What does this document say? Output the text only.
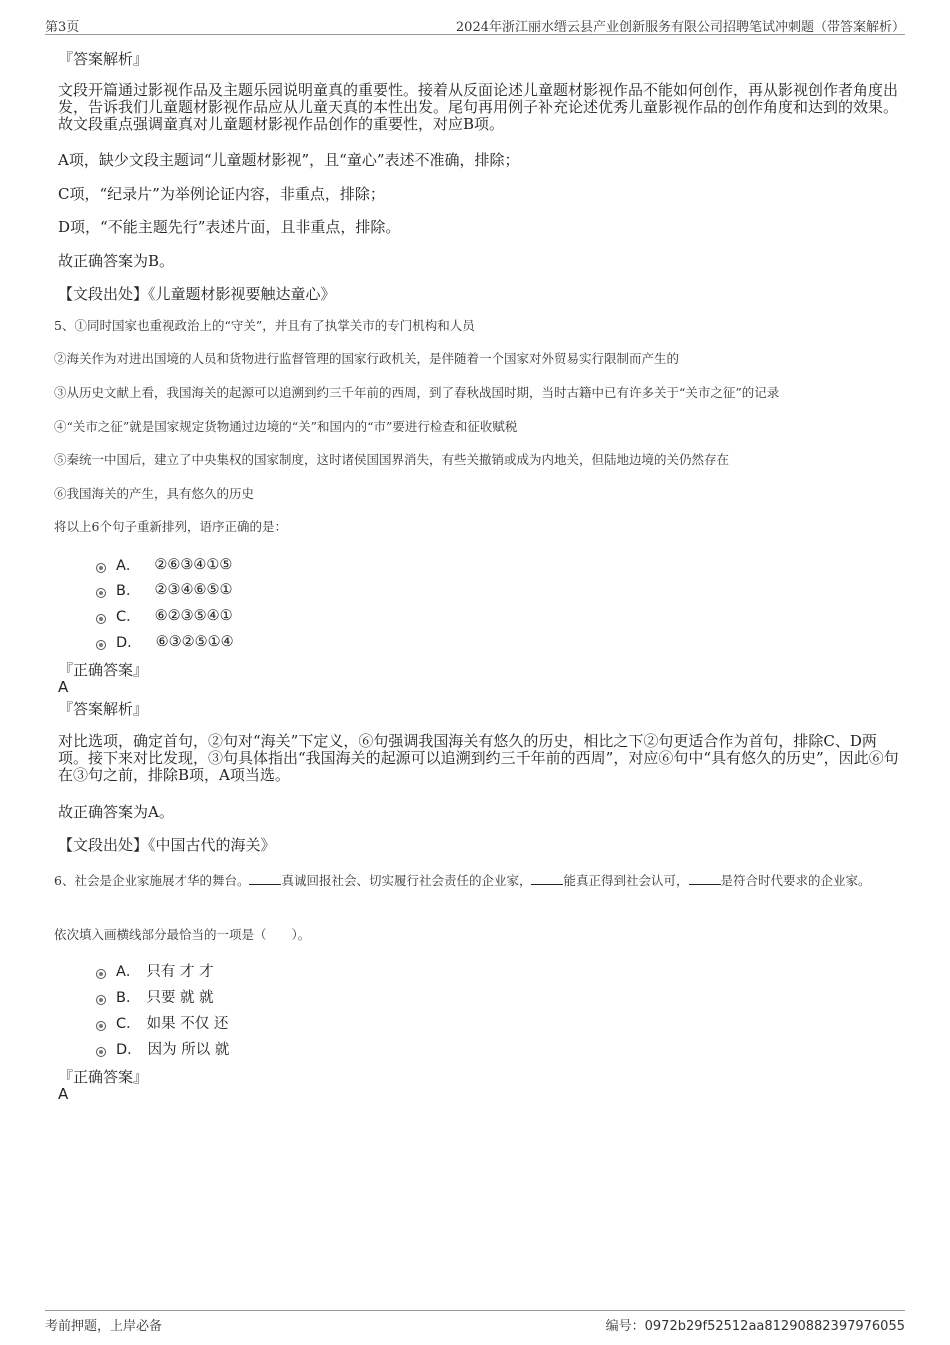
第3页	2024年浙江丽水缙云县产业创新服务有限公司招聘笔试冲刺题（带答案解析）
『答案解析』
文段开篇通过影视作品及主题乐园说明童真的重要性。接着从反面论述儿童题材影视作品不能如何创作，再从影视创作者角度出发，告诉我们儿童题材影视作品应从儿童天真的本性出发。尾句再用例子补充论述优秀儿童影视作品的创作角度和达到的效果。故文段重点强调童真对儿童题材影视作品创作的重要性，对应B项。
A项，缺少文段主题词“儿童题材影视”，且“童心”表述不准确，排除；
C项，“纪录片”为举例论证内容，非重点，排除；
D项，“不能主题先行”表述片面，且非重点，排除。
故正确答案为B。
【文段出处】《儿童题材影视要触达童心》
5、①同时国家也重视政治上的“守关”，并且有了执掌关市的专门机构和人员
②海关作为对进出国境的人员和货物进行监督管理的国家行政机关，是伴随着一个国家对外贸易实行限制而产生的
③从历史文献上看，我国海关的起源可以追溯到约三千年前的西周，到了春秋战国时期，当时古籍中已有许多关于“关市之征”的记录
④“关市之征”就是国家规定货物通过边境的“关”和国内的“市”要进行检查和征收赋税
⑤秦统一中国后，建立了中央集权的国家制度，这时诸侯国国界消失，有些关撤销或成为内地关，但陆地边境的关仍然存在
⑥我国海关的产生，具有悠久的历史
将以上6个句子重新排列，语序正确的是：
A． ②⑥③④①⑤
B． ②③④⑥⑤①
C． ⑥②③⑤④①
D． ⑥③②⑤①④
『正确答案』
A
『答案解析』
对比选项，确定首句，②句对“海关”下定义，⑥句强调我国海关有悠久的历史，相比之下②句更适合作为首句，排除C、D两项。接下来对比发现，③句具体指出“我国海关的起源可以追溯到约三千年前的西周”，对应⑥句中“具有悠久的历史”，因此⑥句在③句之前，排除B项，A项当选。
故正确答案为A。
【文段出处】《中国古代的海关》
6、社会是企业家施展才华的舞台。	真诚回报社会、切实履行社会责任的企业家，	能真正得到社会认可，	是符合时代要求的企业家。
依次填入画横线部分最恰当的一项是（　　）。
A． 只有 才 才
B． 只要 就 就
C． 如果 不仅 还
D． 因为 所以 就
『正确答案』
A
考前押题，上岸必备	编号：0972b29f52512aa81290882397976055
